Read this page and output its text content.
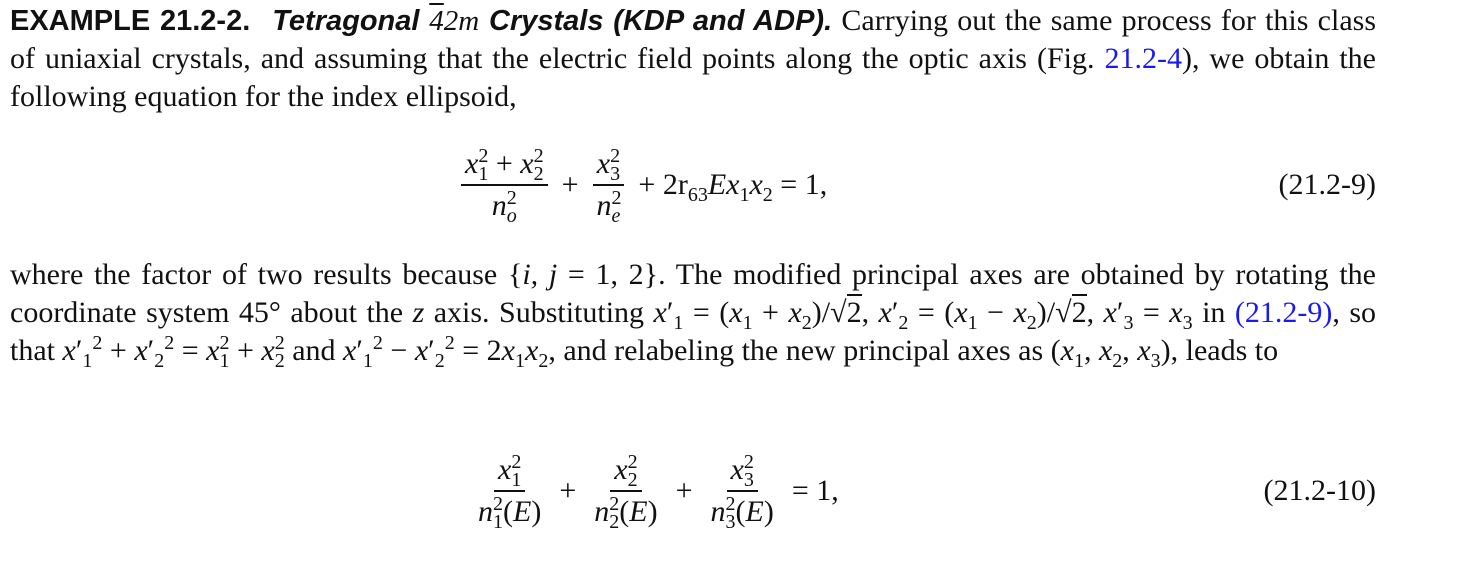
EXAMPLE 21.2-2. Tetragonal 42m Crystals (KDP and ADP). Carrying out the same process for this class of uniaxial crystals, and assuming that the electric field points along the optic axis (Fig. 21.2-4), we obtain the following equation for the index ellipsoid,
$\frac{x^2_1 + x^2_2}{n^2_o} + \frac{x^2_3}{n^2_e} + 2r_{63}Ex_1x_2 = 1$,	(21.2-9)
where the factor of two results because {i, j = 1, 2}. The modified principal axes are obtained by rotating the coordinate system 45° about the z axis. Substituting $x'_1 = (x_1 + x_2)/√2$, $x'_2 = (x_1 - x_2)/√2$, $x'_3 = x_3$ in (21.2-9), so that $x'_1^2 + x'_2^2 = x^2_1 + x^2_2$ and $x'_1^2 - x'_2^2 = 2x_1x_2$, and relabeling the new principal axes as ($x_1$, $x_2$, $x_3$), leads to
$\frac{x^2_1}{n^2_1(E)} + \frac{x^2_2}{n^2_2(E)} + \frac{x^2_3}{n^2_3(E)} = 1$,	(21.2-10)
